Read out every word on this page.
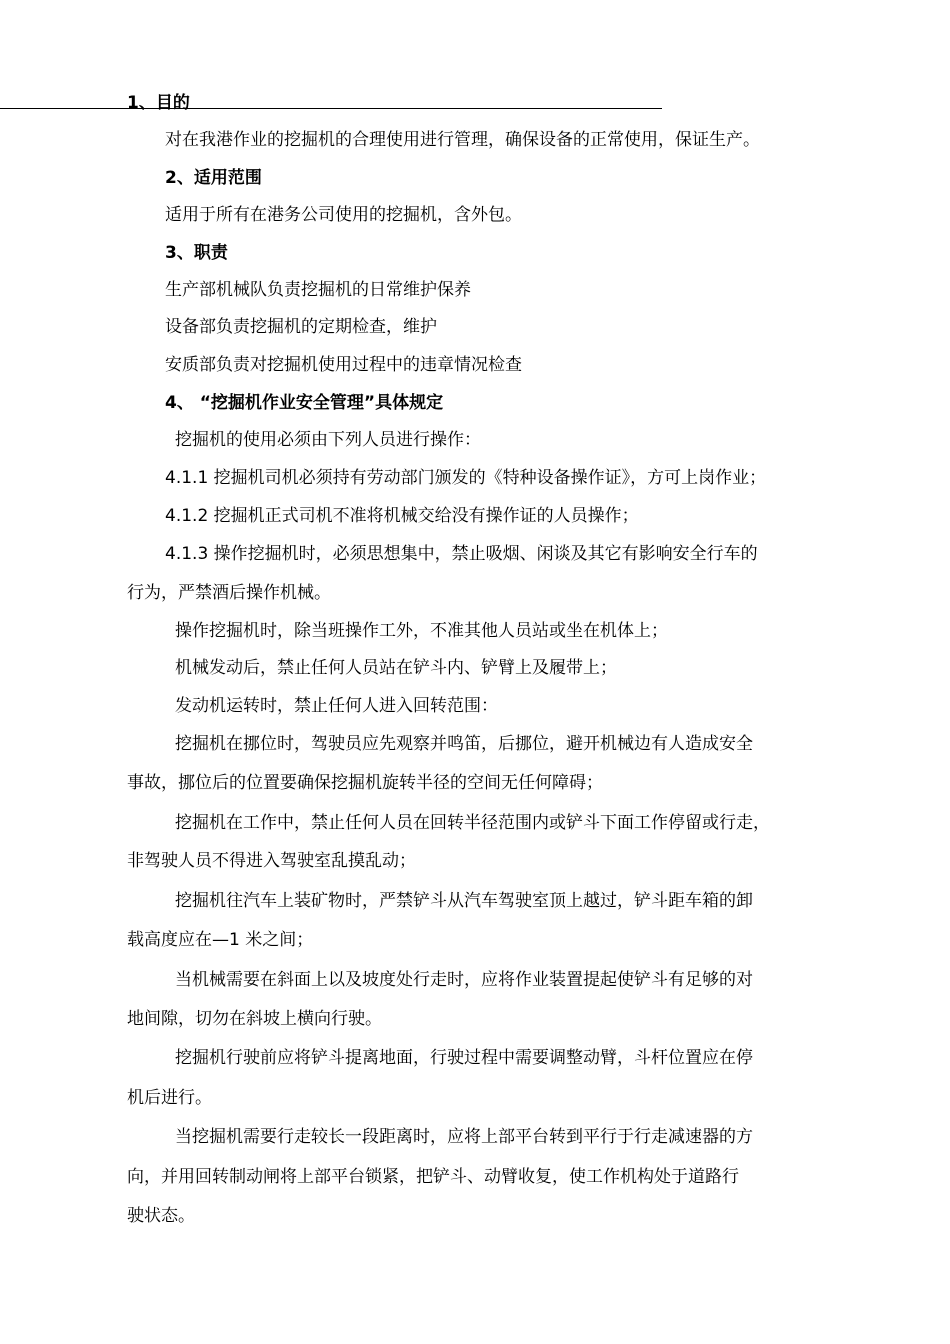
1、目的
对在我港作业的挖掘机的合理使用进行管理，确保设备的正常使用，保证生产。
2、适用范围
适用于所有在港务公司使用的挖掘机，含外包。
3、职责
生产部机械队负责挖掘机的日常维护保养
设备部负责挖掘机的定期检查，维护
安质部负责对挖掘机使用过程中的违章情况检查
4、 “挖掘机作业安全管理”具体规定
挖掘机的使用必须由下列人员进行操作：
4.1.1 挖掘机司机必须持有劳动部门颁发的《特种设备操作证》，方可上岗作业；
4.1.2 挖掘机正式司机不准将机械交给没有操作证的人员操作；
4.1.3 操作挖掘机时，必须思想集中，禁止吸烟、闲谈及其它有影响安全行车的
行为，严禁酒后操作机械。
操作挖掘机时，除当班操作工外，不准其他人员站或坐在机体上；
机械发动后，禁止任何人员站在铲斗内、铲臂上及履带上；
发动机运转时，禁止任何人进入回转范围：
挖掘机在挪位时，驾驶员应先观察并鸣笛，后挪位，避开机械边有人造成安全
事故，挪位后的位置要确保挖掘机旋转半径的空间无任何障碍；
挖掘机在工作中，禁止任何人员在回转半径范围内或铲斗下面工作停留或行走，
非驾驶人员不得进入驾驶室乱摸乱动；
挖掘机往汽车上装矿物时，严禁铲斗从汽车驾驶室顶上越过，铲斗距车箱的卸
载高度应在—1 米之间；
当机械需要在斜面上以及坡度处行走时，应将作业装置提起使铲斗有足够的对
地间隙，切勿在斜坡上横向行驶。
挖掘机行驶前应将铲斗提离地面，行驶过程中需要调整动臂，斗杆位置应在停
机后进行。
当挖掘机需要行走较长一段距离时，应将上部平台转到平行于行走减速器的方
向，并用回转制动闸将上部平台锁紧，把铲斗、动臂收复，使工作机构处于道路行
驶状态。
